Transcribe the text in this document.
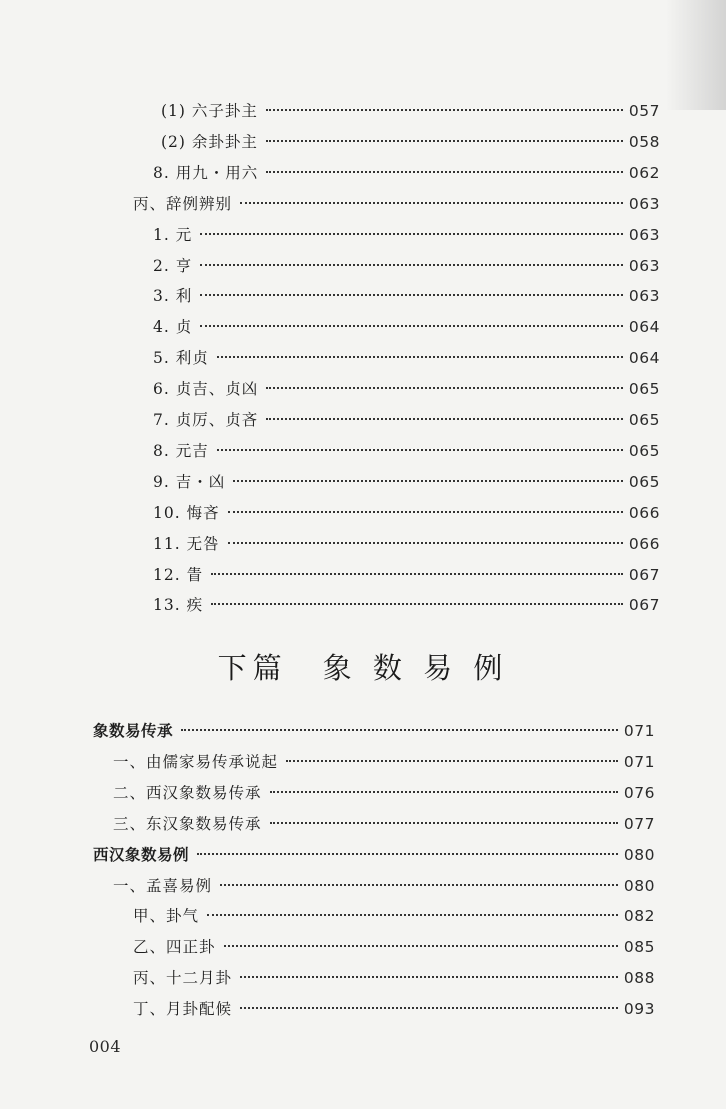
(1) 六子卦主	057
(2) 余卦卦主	058
8. 用九・用六	062
丙、辞例辨别	063
1. 元	063
2. 亨	063
3. 利	063
4. 贞	064
5. 利贞	064
6. 贞吉、贞凶	065
7. 贞厉、贞吝	065
8. 元吉	065
9. 吉・凶	065
10. 悔吝	066
11. 无咎	066
12. 眚	067
13. 疾	067
下篇　象 数 易 例
象数易传承	071
一、由儒家易传承说起	071
二、西汉象数易传承	076
三、东汉象数易传承	077
西汉象数易例	080
一、孟喜易例	080
甲、卦气	082
乙、四正卦	085
丙、十二月卦	088
丁、月卦配候	093
004
